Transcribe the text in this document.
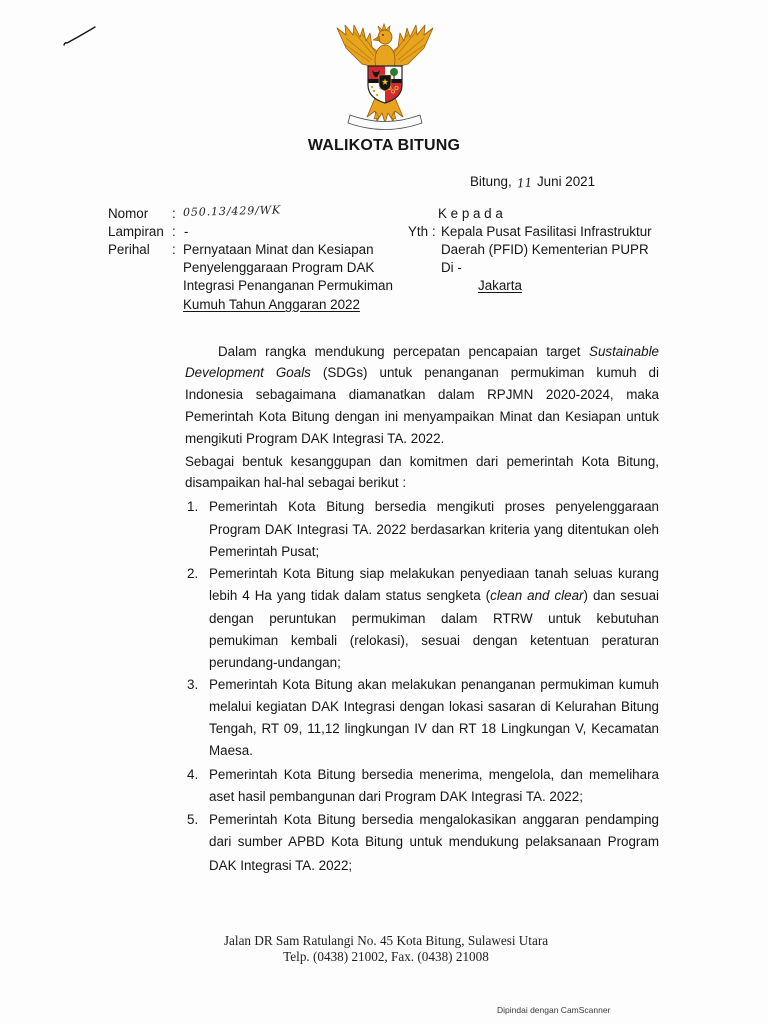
WALIKOTA BITUNG
Bitung, 11 Juni 2021
Nomor : 050.13/429/WK
Lampiran : -
Perihal : Pernyataan Minat dan Kesiapan
Penyelenggaraan Program DAK
Integrasi Penanganan Permukiman
Kumuh Tahun Anggaran 2022
K e p a d a
Yth : Kepala Pusat Fasilitasi Infrastruktur
Daerah (PFID) Kementerian PUPR
Di -
Jakarta
Dalam rangka mendukung percepatan pencapaian target Sustainable
Development Goals (SDGs) untuk penanganan permukiman kumuh di
Indonesia sebagaimana diamanatkan dalam RPJMN 2020-2024, maka
Pemerintah Kota Bitung dengan ini menyampaikan Minat dan Kesiapan untuk
mengikuti Program DAK Integrasi TA. 2022.
Sebagai bentuk kesanggupan dan komitmen dari pemerintah Kota Bitung,
disampaikan hal-hal sebagai berikut :
1. Pemerintah Kota Bitung bersedia mengikuti proses penyelenggaraan
Program DAK Integrasi TA. 2022 berdasarkan kriteria yang ditentukan oleh
Pemerintah Pusat;
2. Pemerintah Kota Bitung siap melakukan penyediaan tanah seluas kurang
lebih 4 Ha yang tidak dalam status sengketa (clean and clear) dan sesuai
dengan peruntukan permukiman dalam RTRW untuk kebutuhan
pemukiman kembali (relokasi), sesuai dengan ketentuan peraturan
perundang-undangan;
3. Pemerintah Kota Bitung akan melakukan penanganan permukiman kumuh
melalui kegiatan DAK Integrasi dengan lokasi sasaran di Kelurahan Bitung
Tengah, RT 09, 11,12 lingkungan IV dan RT 18 Lingkungan V, Kecamatan
Maesa.
4. Pemerintah Kota Bitung bersedia menerima, mengelola, dan memelihara
aset hasil pembangunan dari Program DAK Integrasi TA. 2022;
5. Pemerintah Kota Bitung bersedia mengalokasikan anggaran pendamping
dari sumber APBD Kota Bitung untuk mendukung pelaksanaan Program
DAK Integrasi TA. 2022;
Jalan DR Sam Ratulangi No. 45 Kota Bitung, Sulawesi Utara
Telp. (0438) 21002, Fax. (0438) 21008
Dipindai dengan CamScanner
